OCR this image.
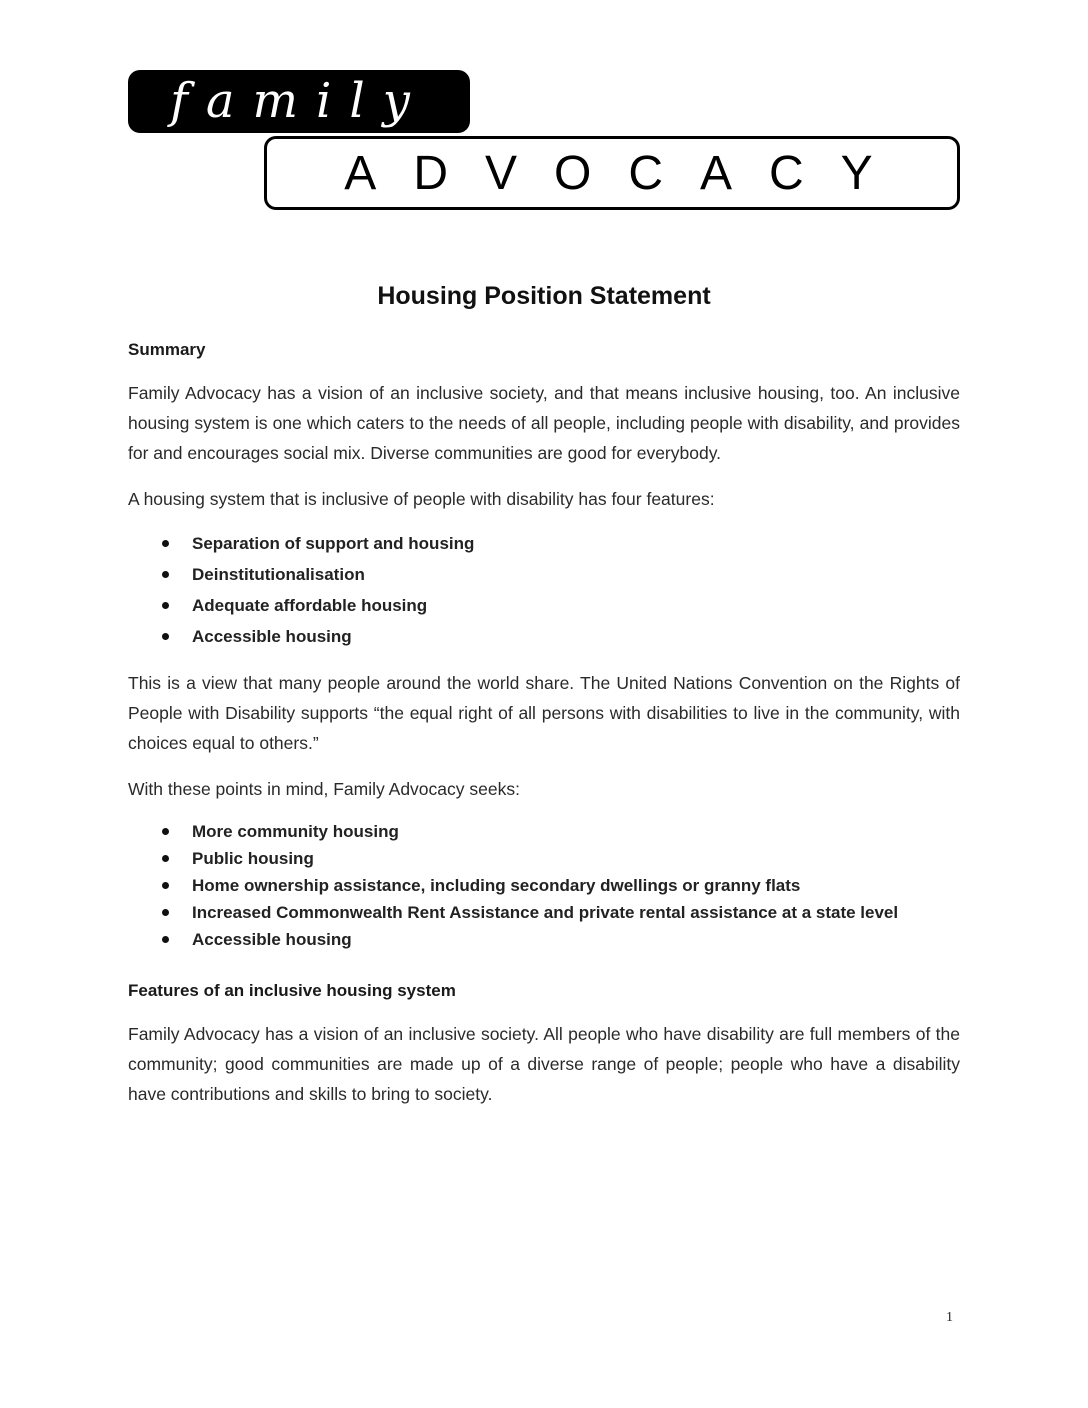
family
ADVOCACY
Housing Position Statement
Summary

Family Advocacy has a vision of an inclusive society, and that means inclusive housing, too. An inclusive housing system is one which caters to the needs of all people, including people with disability, and provides for and encourages social mix. Diverse communities are good for everybody.

A housing system that is inclusive of people with disability has four features:

Separation of support and housing
Deinstitutionalisation
Adequate affordable housing
Accessible housing

This is a view that many people around the world share. The United Nations Convention on the Rights of People with Disability supports “the equal right of all persons with disabilities to live in the community, with choices equal to others.”

With these points in mind, Family Advocacy seeks:

More community housing
Public housing
Home ownership assistance, including secondary dwellings or granny flats
Increased Commonwealth Rent Assistance and private rental assistance at a state level
Accessible housing
Features of an inclusive housing system

Family Advocacy has a vision of an inclusive society. All people who have disability are full members of the community; good communities are made up of a diverse range of people; people who have a disability have contributions and skills to bring to society.

1
